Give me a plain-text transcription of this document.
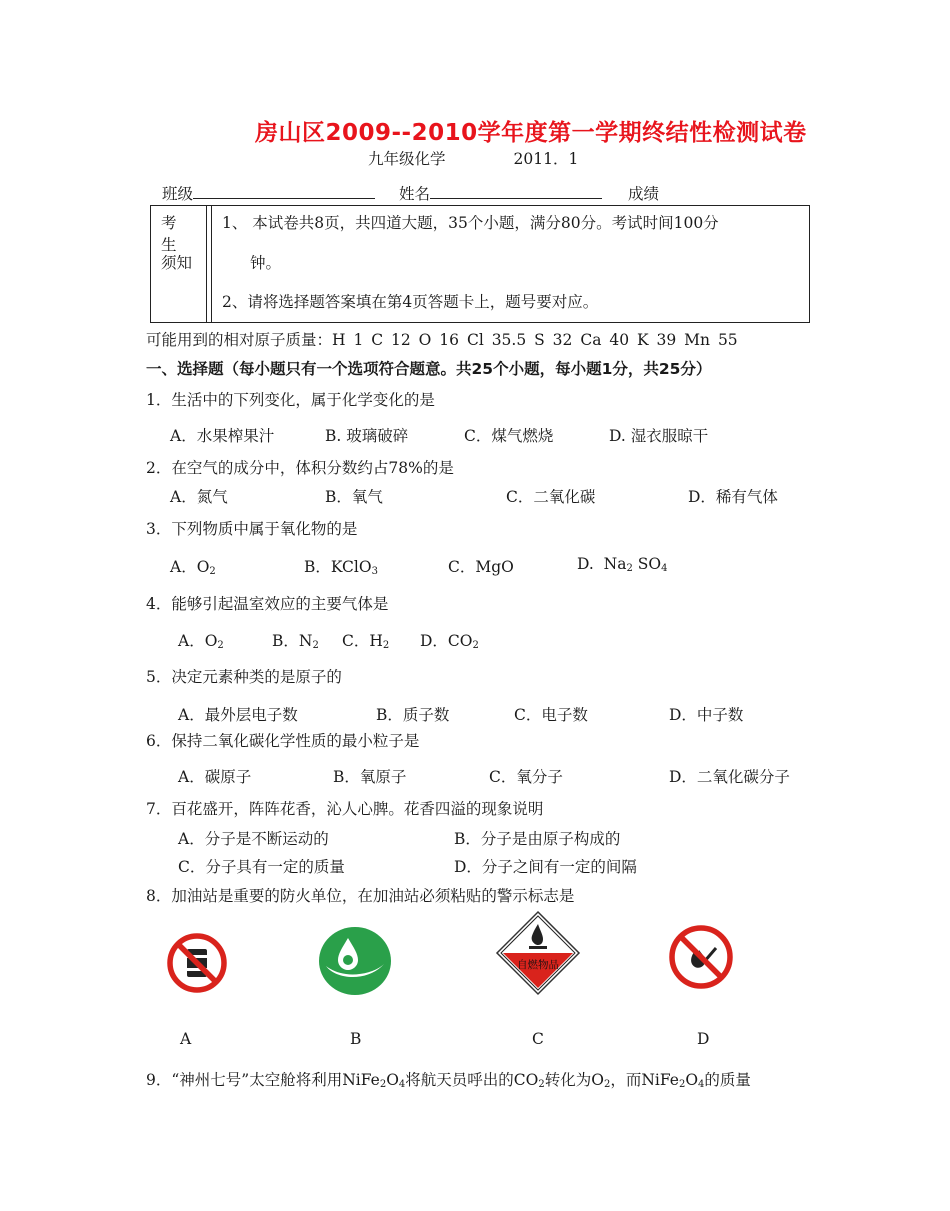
房山区2009--2010学年度第一学期终结性检测试卷
九年级化学	2011．1
班级	姓名	成绩
考生
须知
1、 本试卷共8页，共四道大题，35个小题，满分80分。考试时间100分
钟。
2、请将选择题答案填在第4页答题卡上，题号要对应。
可能用到的相对原子质量：H 1 C 12 O 16 Cl 35.5 S 32 Ca 40 K 39 Mn 55
一、选择题（每小题只有一个选项符合题意。共25个小题，每小题1分，共25分）
1．生活中的下列变化，属于化学变化的是
A．水果榨果汁	B. 玻璃破碎	C．煤气燃烧	D. 湿衣服晾干
2．在空气的成分中，体积分数约占78%的是
A．氮气	B．氧气	C．二氧化碳	D．稀有气体
3．下列物质中属于氧化物的是
A．$O_2$	B．KClO$_3$	C．MgO	D.  $Na_2$ $SO_4$
4．能够引起温室效应的主要气体是
A．$O_2$	B．$N_2$ C．$H_2$ D．$CO_2$
5．决定元素种类的是原子的
A．最外层电子数	B．质子数	C．电子数	D．中子数
6．保持二氧化碳化学性质的最小粒子是
A．碳原子	B．氧原子	C．氧分子	D．二氧化碳分子
7．百花盛开，阵阵花香，沁人心脾。花香四溢的现象说明
A．分子是不断运动的	B．分子是由原子构成的
C．分子具有一定的质量	D．分子之间有一定的间隔
8．加油站是重要的防火单位，在加油站必须粘贴的警示标志是
自燃物品
A	B	C	D
9．“神州七号”太空舱将利用$NiFe_2O_4$将航天员呼出的$CO_2$转化为$O_2$，而$NiFe_2O_4$的质量
